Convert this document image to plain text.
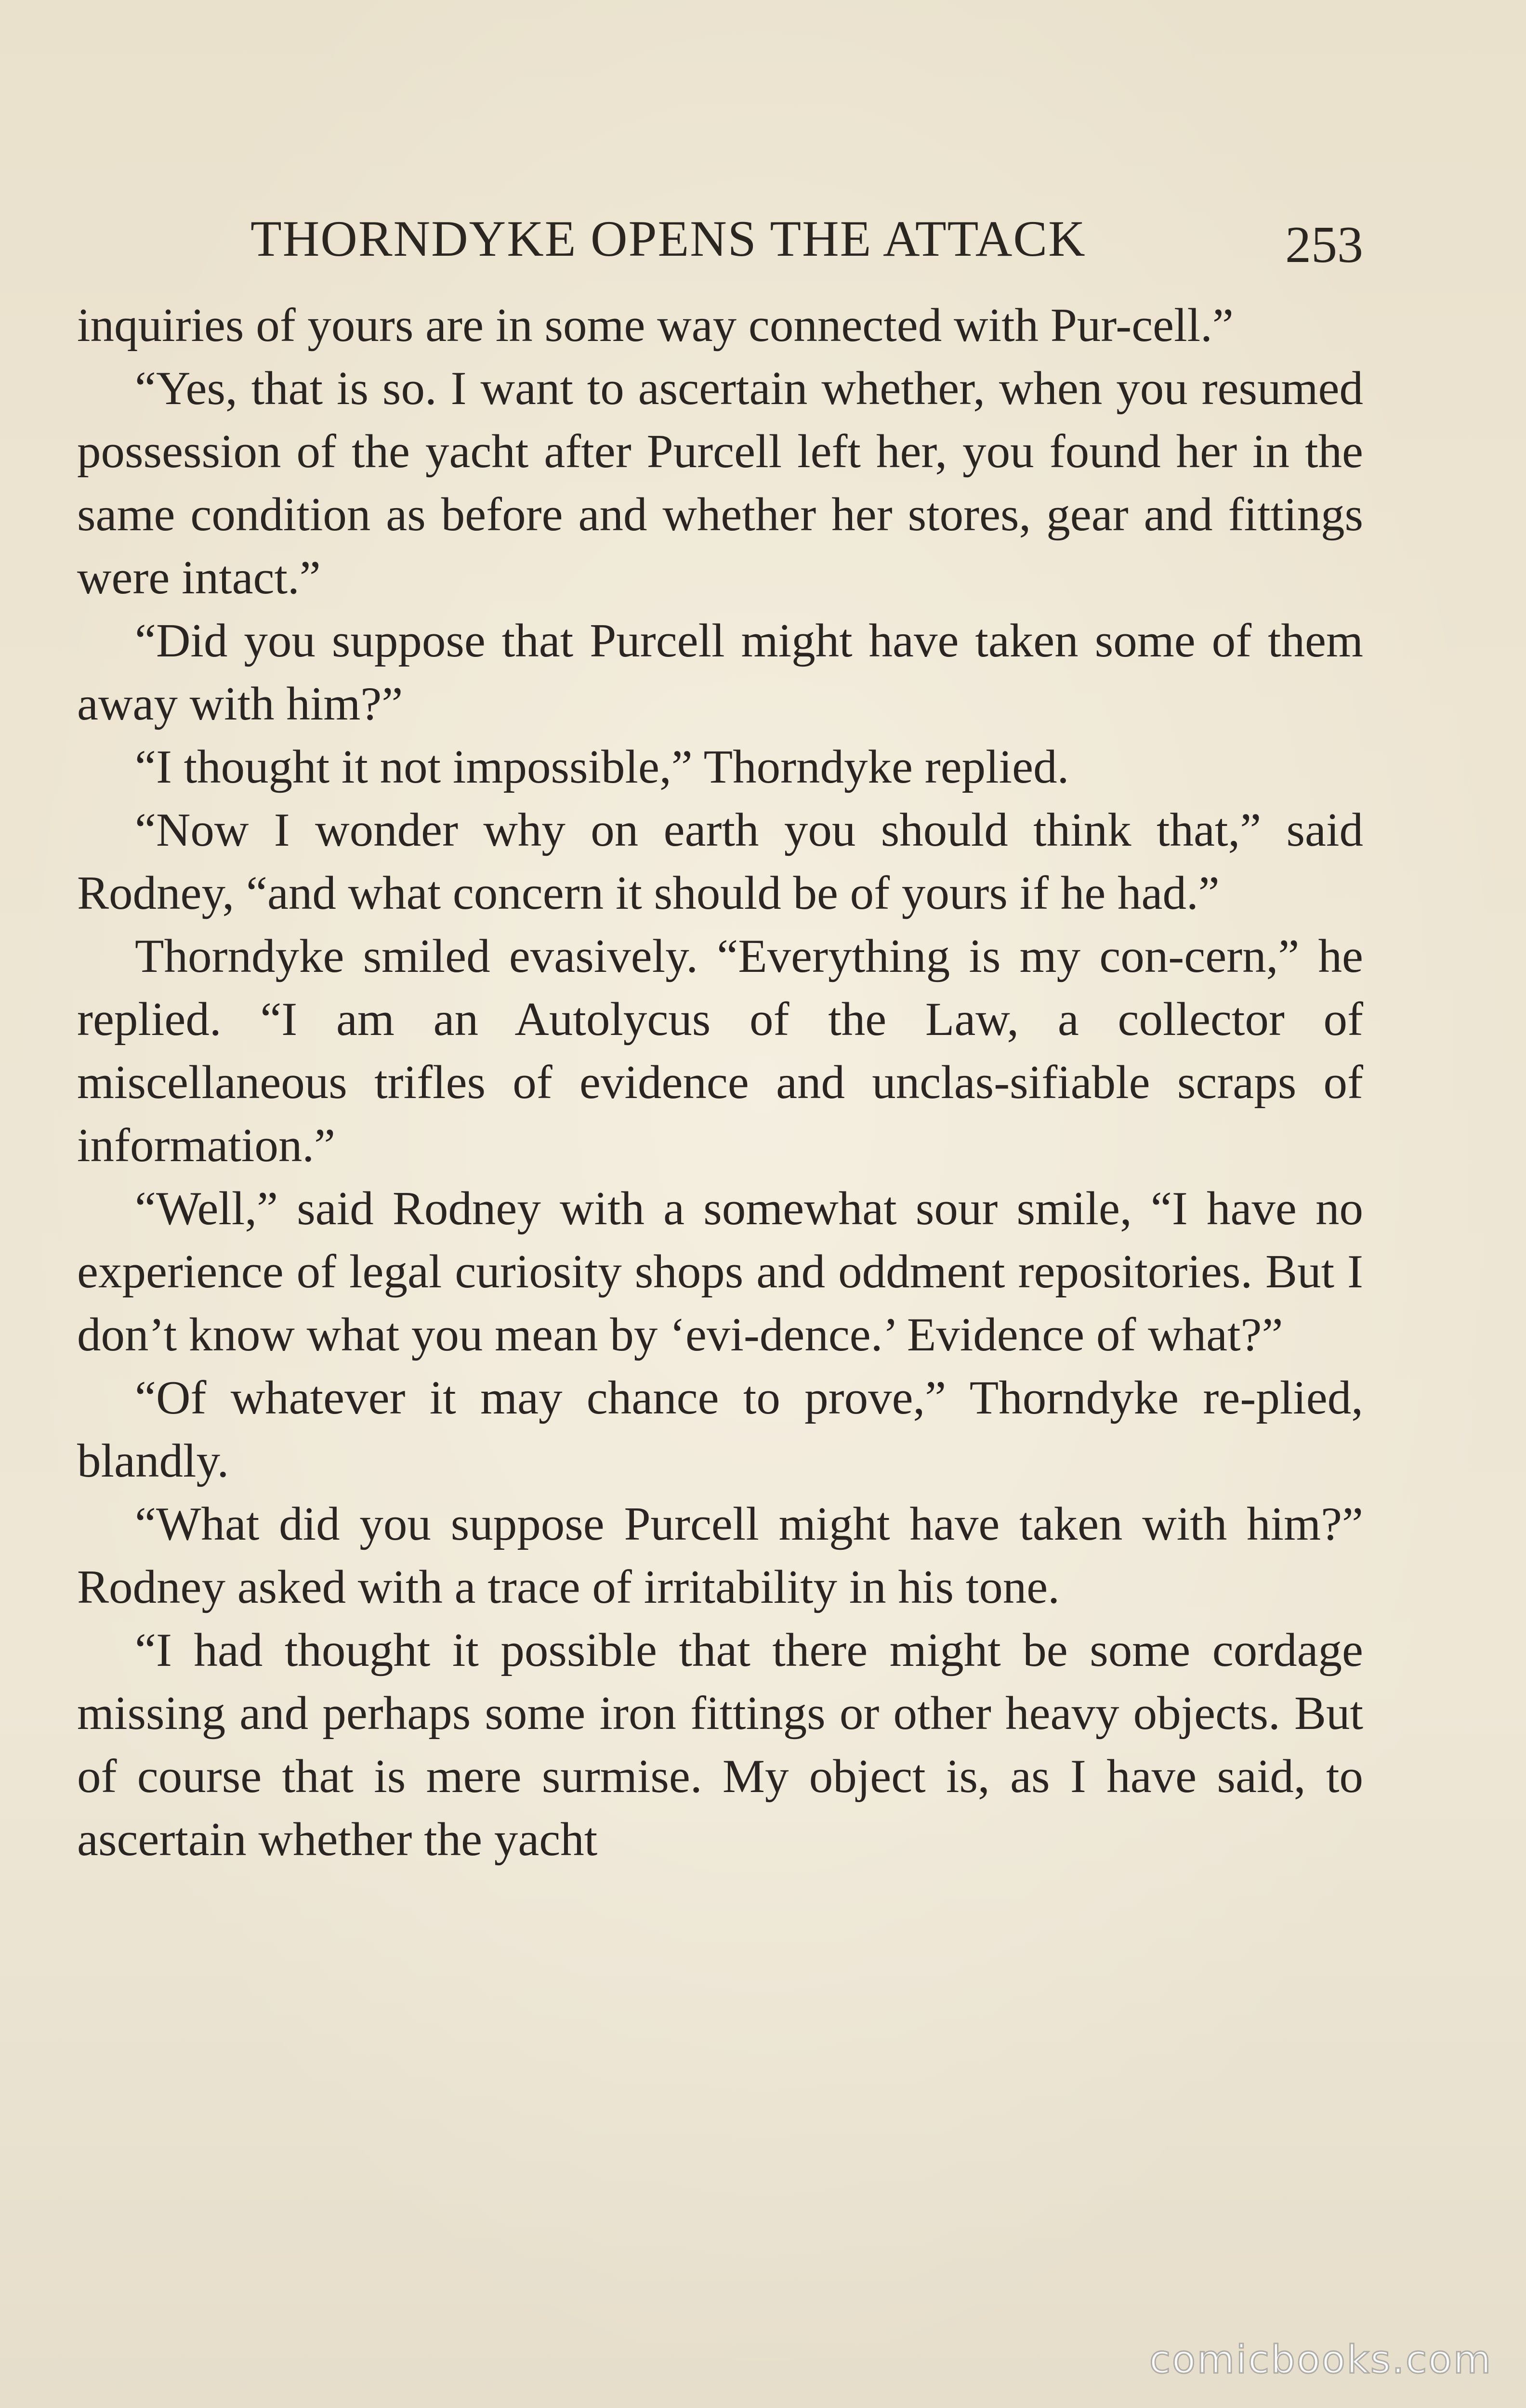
THORNDYKE OPENS THE ATTACK	253

inquiries of yours are in some way connected with Pur-cell.”

“Yes, that is so. I want to ascertain whether, when you resumed possession of the yacht after Purcell left her, you found her in the same condition as before and whether her stores, gear and fittings were intact.”

“Did you suppose that Purcell might have taken some of them away with him?”

“I thought it not impossible,” Thorndyke replied.

“Now I wonder why on earth you should think that,” said Rodney, “and what concern it should be of yours if he had.”

Thorndyke smiled evasively. “Everything is my con-cern,” he replied. “I am an Autolycus of the Law, a collector of miscellaneous trifles of evidence and unclas-sifiable scraps of information.”

“Well,” said Rodney with a somewhat sour smile, “I have no experience of legal curiosity shops and oddment repositories. But I don’t know what you mean by ‘evi-dence.’ Evidence of what?”

“Of whatever it may chance to prove,” Thorndyke re-plied, blandly.

“What did you suppose Purcell might have taken with him?” Rodney asked with a trace of irritability in his tone.

“I had thought it possible that there might be some cordage missing and perhaps some iron fittings or other heavy objects. But of course that is mere surmise. My object is, as I have said, to ascertain whether the yacht

comicbooks.com
